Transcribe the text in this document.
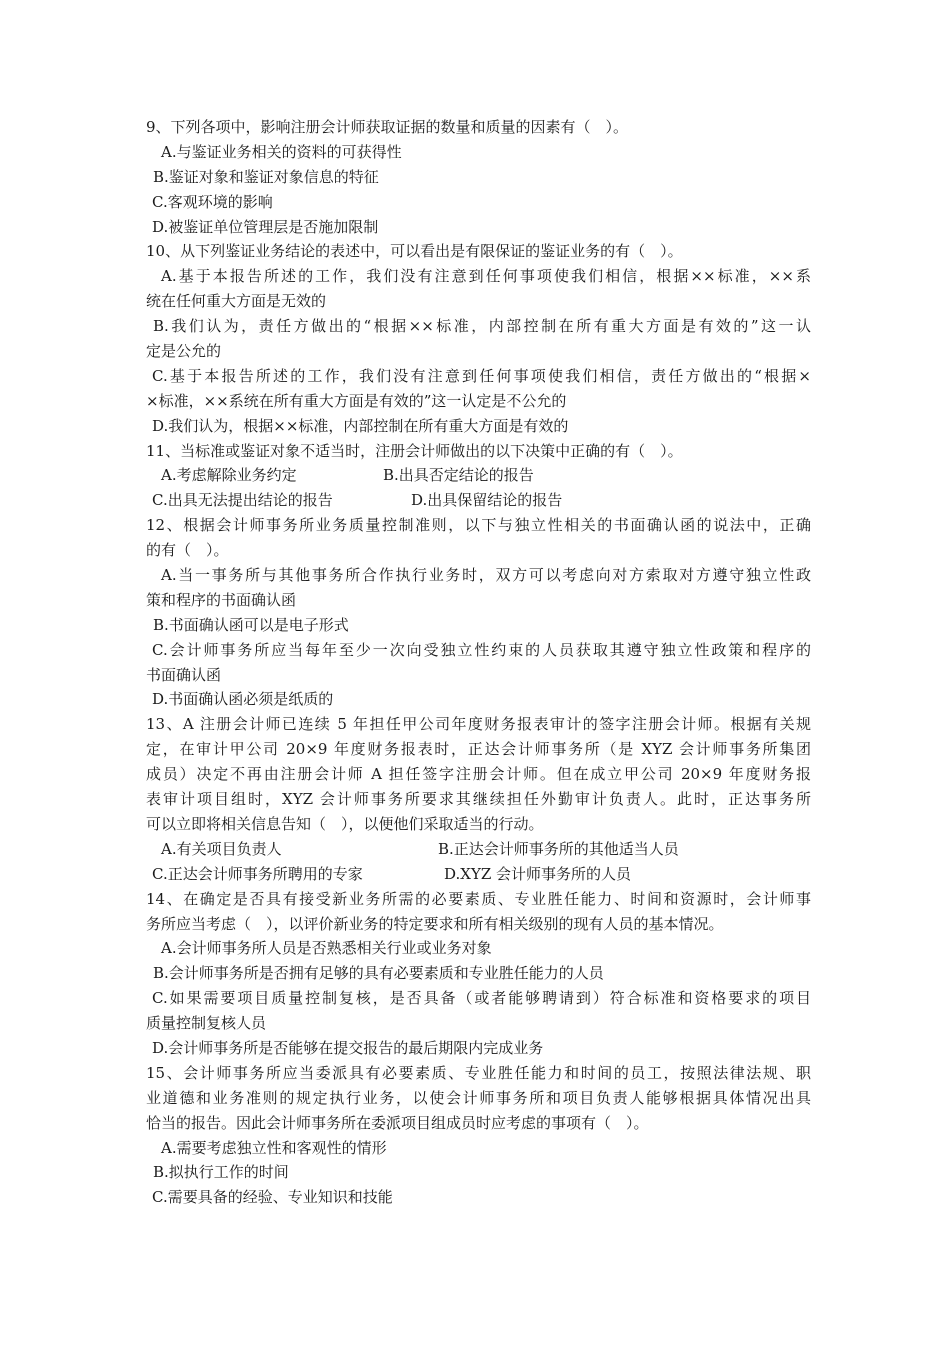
9、下列各项中，影响注册会计师获取证据的数量和质量的因素有（　）。
A.与鉴证业务相关的资料的可获得性
B.鉴证对象和鉴证对象信息的特征
C.客观环境的影响
D.被鉴证单位管理层是否施加限制
10、从下列鉴证业务结论的表述中，可以看出是有限保证的鉴证业务的有（　）。
A.基于本报告所述的工作，我们没有注意到任何事项使我们相信，根据××标准，××系
统在任何重大方面是无效的
B.我们认为，责任方做出的“根据××标准，内部控制在所有重大方面是有效的”这一认
定是公允的
C.基于本报告所述的工作，我们没有注意到任何事项使我们相信，责任方做出的“根据×
×标准，××系统在所有重大方面是有效的”这一认定是不公允的
D.我们认为，根据××标准，内部控制在所有重大方面是有效的
11、当标准或鉴证对象不适当时，注册会计师做出的以下决策中正确的有（　）。
A.考虑解除业务约定	B.出具否定结论的报告
C.出具无法提出结论的报告	D.出具保留结论的报告
12、根据会计师事务所业务质量控制准则，以下与独立性相关的书面确认函的说法中，正确
的有（　）。
A.当一事务所与其他事务所合作执行业务时，双方可以考虑向对方索取对方遵守独立性政
策和程序的书面确认函
B.书面确认函可以是电子形式
C.会计师事务所应当每年至少一次向受独立性约束的人员获取其遵守独立性政策和程序的
书面确认函
D.书面确认函必须是纸质的
13、A 注册会计师已连续 5 年担任甲公司年度财务报表审计的签字注册会计师。根据有关规
定，在审计甲公司 20×9 年度财务报表时，正达会计师事务所（是 XYZ 会计师事务所集团
成员）决定不再由注册会计师 A 担任签字注册会计师。但在成立甲公司 20×9 年度财务报
表审计项目组时，XYZ 会计师事务所要求其继续担任外勤审计负责人。此时，正达事务所
可以立即将相关信息告知（　），以便他们采取适当的行动。
A.有关项目负责人	B.正达会计师事务所的其他适当人员
C.正达会计师事务所聘用的专家	D.XYZ 会计师事务所的人员
14、在确定是否具有接受新业务所需的必要素质、专业胜任能力、时间和资源时，会计师事
务所应当考虑（　），以评价新业务的特定要求和所有相关级别的现有人员的基本情况。
A.会计师事务所人员是否熟悉相关行业或业务对象
B.会计师事务所是否拥有足够的具有必要素质和专业胜任能力的人员
C.如果需要项目质量控制复核，是否具备（或者能够聘请到）符合标准和资格要求的项目
质量控制复核人员
D.会计师事务所是否能够在提交报告的最后期限内完成业务
15、会计师事务所应当委派具有必要素质、专业胜任能力和时间的员工，按照法律法规、职
业道德和业务准则的规定执行业务，以使会计师事务所和项目负责人能够根据具体情况出具
恰当的报告。因此会计师事务所在委派项目组成员时应考虑的事项有（　）。
A.需要考虑独立性和客观性的情形
B.拟执行工作的时间
C.需要具备的经验、专业知识和技能
